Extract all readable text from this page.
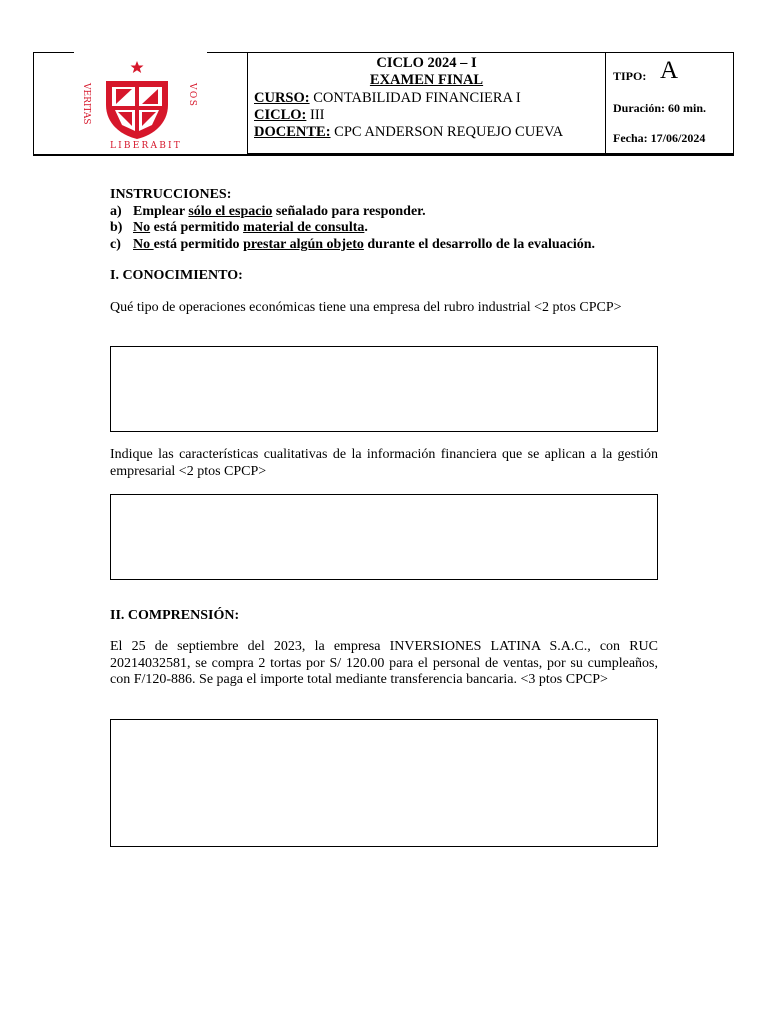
VERITAS
LIBERABIT
VOS
CICLO 2024 – I
EXAMEN FINAL
CURSO: CONTABILIDAD FINANCIERA I
CICLO: III
DOCENTE: CPC ANDERSON REQUEJO CUEVA
TIPO: A
Duración: 60 min.
Fecha: 17/06/2024
INSTRUCCIONES:
a) Emplear sólo el espacio señalado para responder.
b) No está permitido material de consulta.
c) No está permitido prestar algún objeto durante el desarrollo de la evaluación.
I. CONOCIMIENTO:
Qué tipo de operaciones económicas tiene una empresa del rubro industrial <2 ptos CPCP>
Indique las características cualitativas de la información financiera que se aplican a la gestión empresarial <2 ptos CPCP>
II. COMPRENSIÓN:
El 25 de septiembre del 2023, la empresa INVERSIONES LATINA S.A.C., con RUC 20214032581, se compra 2 tortas por S/ 120.00 para el personal de ventas, por su cumpleaños, con F/120-886. Se paga el importe total mediante transferencia bancaria. <3 ptos CPCP>
